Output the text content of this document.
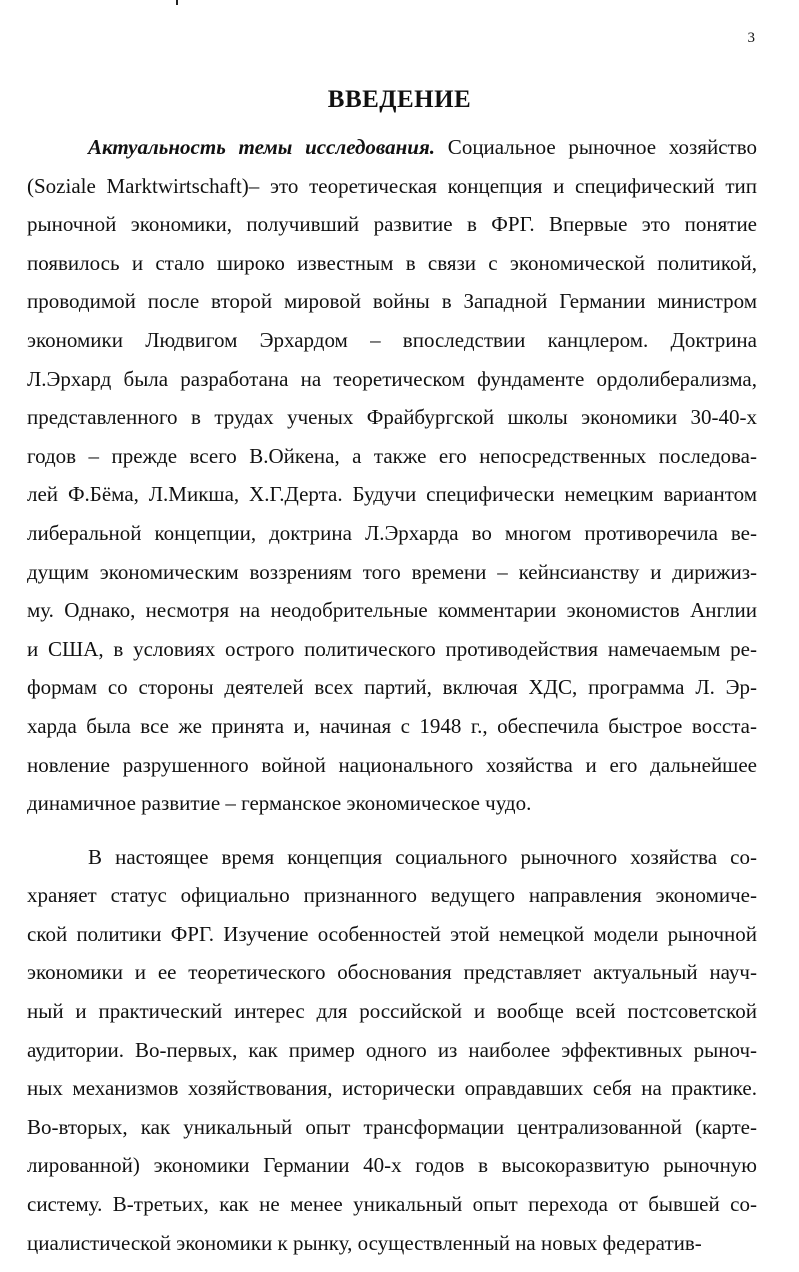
3
ВВЕДЕНИЕ
Актуальность темы исследования. Социальное рыночное хозяйство
(Soziale Marktwirtschaft)– это теоретическая концепция и специфический тип
рыночной экономики, получивший развитие в ФРГ. Впервые это понятие
появилось и стало широко известным в связи с экономической политикой,
проводимой после второй мировой войны в Западной Германии министром
экономики Людвигом Эрхардом – впоследствии канцлером. Доктрина
Л.Эрхард была разработана на теоретическом фундаменте ордолиберализма,
представленного в трудах ученых Фрайбургской школы экономики 30-40-х
годов – прежде всего В.Ойкена, а также его непосредственных последова-
лей Ф.Бёма, Л.Микша, Х.Г.Дерта. Будучи специфически немецким вариантом
либеральной концепции, доктрина Л.Эрхарда во многом противоречила ве-
дущим экономическим воззрениям того времени – кейнсианству и дирижиз-
му. Однако, несмотря на неодобрительные комментарии экономистов Англии
и США, в условиях острого политического противодействия намечаемым ре-
формам со стороны деятелей всех партий, включая ХДС, программа Л. Эр-
харда была все же принята и, начиная с 1948 г., обеспечила быстрое восста-
новление разрушенного войной национального хозяйства и его дальнейшее
динамичное развитие – германское экономическое чудо.
В настоящее время концепция социального рыночного хозяйства со-
храняет статус официально признанного ведущего направления экономиче-
ской политики ФРГ. Изучение особенностей этой немецкой модели рыночной
экономики и ее теоретического обоснования представляет актуальный науч-
ный и практический интерес для российской и вообще всей постсоветской
аудитории. Во-первых, как пример одного из наиболее эффективных рыноч-
ных механизмов хозяйствования, исторически оправдавших себя на практике.
Во-вторых, как уникальный опыт трансформации централизованной (карте-
лированной) экономики Германии 40-х годов в высокоразвитую рыночную
систему. В-третьих, как не менее уникальный опыт перехода от бывшей со-
циалистической экономики к рынку, осуществленный на новых федератив-
